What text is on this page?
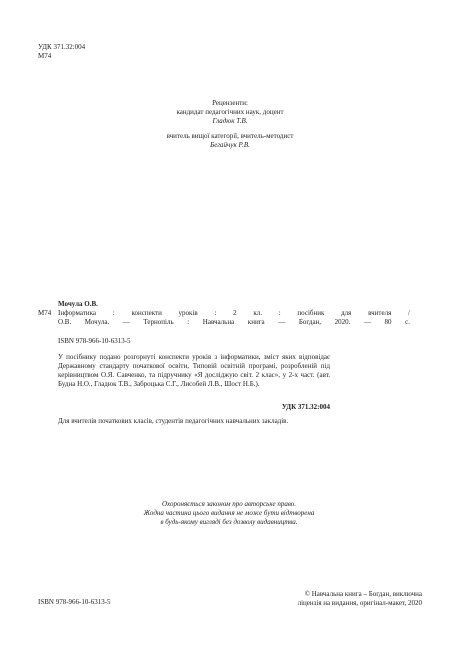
УДК 371.32:004
М74
Рецензенти:
кандидат педагогічних наук, доцент
Гладюк Т.В.
вчитель вищої категорії, вчитель-методист
Бегайчук Р.В.
Мочула О.В.
М74 Інформатика : конспекти уроків : 2 кл. : посібник для вчителя /
О.В. Мочула. — Тернопіль : Навчальна книга — Богдан, 2020. — 80 с.
ISBN 978-966-10-6313-5
У посібнику подано розгорнуті конспекти уроків з інформатики, зміст яких відповідає Державному стандарту початкової освіти, Типовій освітній програмі, розробленій під керівництвом О.Я. Савченко, та підручнику «Я досліджую світ. 2 клас», у 2-х част. (авт. Будна Н.О., Гладюк Т.В., Заброцька С.Г., Лисобей Л.В., Шост Н.Б.).
УДК 371.32:004
Для вчителів початкових класів, студентів педагогічних навчальних закладів.
Охороняється законом про авторське право.
Жодна частина цього видання не може бути відтворена
в будь-якому вигляді без дозволу видавництва.
ISBN 978-966-10-6313-5
© Навчальна книга – Богдан, виключна
ліцензія на видання, оригінал-макет, 2020
